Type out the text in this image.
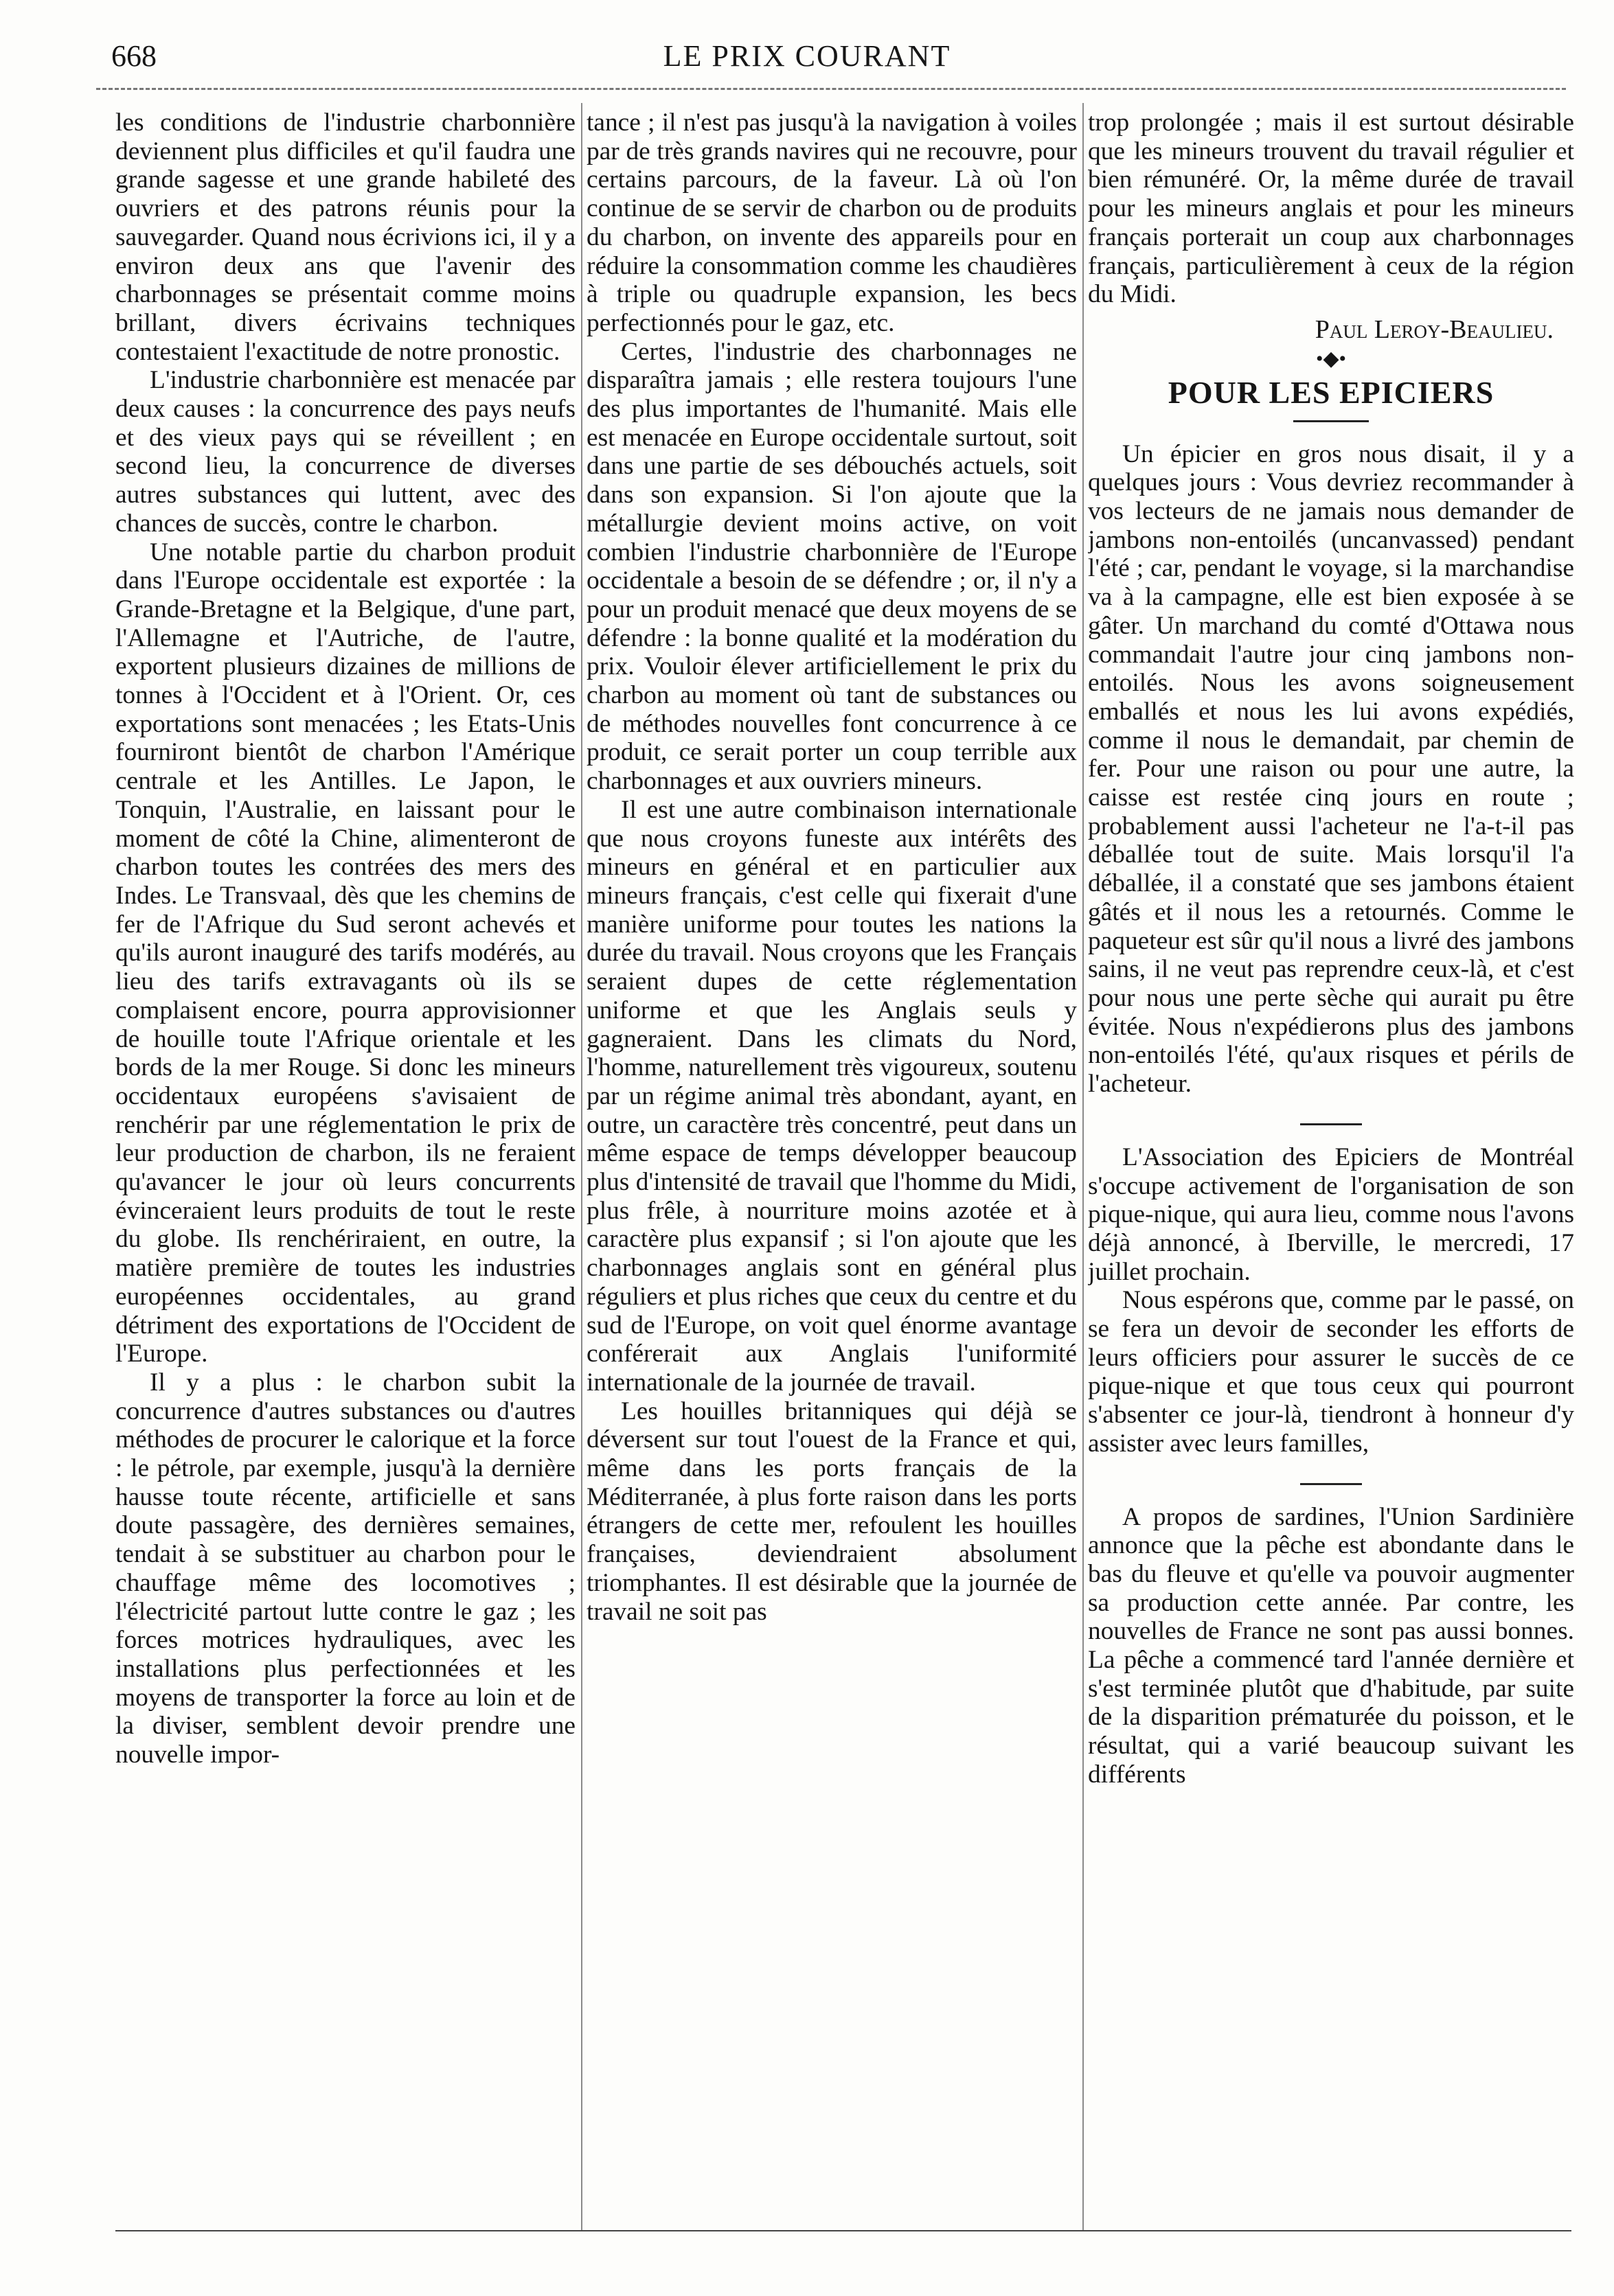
668	LE PRIX COURANT

les conditions de l'industrie charbonnière deviennent plus difficiles et qu'il faudra une grande sagesse et une grande habileté des ouvriers et des patrons réunis pour la sauvegarder. Quand nous écrivions ici, il y a environ deux ans que l'avenir des charbonnages se présentait comme moins brillant, divers écrivains techniques contestaient l'exactitude de notre pronostic.

L'industrie charbonnière est menacée par deux causes : la concurrence des pays neufs et des vieux pays qui se réveillent ; en second lieu, la concurrence de diverses autres substances qui luttent, avec des chances de succès, contre le charbon.

Une notable partie du charbon produit dans l'Europe occidentale est exportée : la Grande-Bretagne et la Belgique, d'une part, l'Allemagne et l'Autriche, de l'autre, exportent plusieurs dizaines de millions de tonnes à l'Occident et à l'Orient. Or, ces exportations sont menacées ; les Etats-Unis fourniront bientôt de charbon l'Amérique centrale et les Antilles. Le Japon, le Tonquin, l'Australie, en laissant pour le moment de côté la Chine, alimenteront de charbon toutes les contrées des mers des Indes. Le Transvaal, dès que les chemins de fer de l'Afrique du Sud seront achevés et qu'ils auront inauguré des tarifs modérés, au lieu des tarifs extravagants où ils se complaisent encore, pourra approvisionner de houille toute l'Afrique orientale et les bords de la mer Rouge. Si donc les mineurs occidentaux européens s'avisaient de renchérir par une réglementation le prix de leur production de charbon, ils ne feraient qu'avancer le jour où leurs concurrents évinceraient leurs produits de tout le reste du globe. Ils renchériraient, en outre, la matière première de toutes les industries européennes occidentales, au grand détriment des exportations de l'Occident de l'Europe.

Il y a plus : le charbon subit la concurrence d'autres substances ou d'autres méthodes de procurer le calorique et la force : le pétrole, par exemple, jusqu'à la dernière hausse toute récente, artificielle et sans doute passagère, des dernières semaines, tendait à se substituer au charbon pour le chauffage même des locomotives ; l'électricité partout lutte contre le gaz ; les forces motrices hydrauliques, avec les installations plus perfectionnées et les moyens de transporter la force au loin et de la diviser, semblent devoir prendre une nouvelle impor-

tance ; il n'est pas jusqu'à la navigation à voiles par de très grands navires qui ne recouvre, pour certains parcours, de la faveur. Là où l'on continue de se servir de charbon ou de produits du charbon, on invente des appareils pour en réduire la consommation comme les chaudières à triple ou quadruple expansion, les becs perfectionnés pour le gaz, etc.

Certes, l'industrie des charbonnages ne disparaîtra jamais ; elle restera toujours l'une des plus importantes de l'humanité. Mais elle est menacée en Europe occidentale surtout, soit dans une partie de ses débouchés actuels, soit dans son expansion. Si l'on ajoute que la métallurgie devient moins active, on voit combien l'industrie charbonnière de l'Europe occidentale a besoin de se défendre ; or, il n'y a pour un produit menacé que deux moyens de se défendre : la bonne qualité et la modération du prix. Vouloir élever artificiellement le prix du charbon au moment où tant de substances ou de méthodes nouvelles font concurrence à ce produit, ce serait porter un coup terrible aux charbonnages et aux ouvriers mineurs.

Il est une autre combinaison internationale que nous croyons funeste aux intérêts des mineurs en général et en particulier aux mineurs français, c'est celle qui fixerait d'une manière uniforme pour toutes les nations la durée du travail. Nous croyons que les Français seraient dupes de cette réglementation uniforme et que les Anglais seuls y gagneraient. Dans les climats du Nord, l'homme, naturellement très vigoureux, soutenu par un régime animal très abondant, ayant, en outre, un caractère très concentré, peut dans un même espace de temps développer beaucoup plus d'intensité de travail que l'homme du Midi, plus frêle, à nourriture moins azotée et à caractère plus expansif ; si l'on ajoute que les charbonnages anglais sont en général plus réguliers et plus riches que ceux du centre et du sud de l'Europe, on voit quel énorme avantage conférerait aux Anglais l'uniformité internationale de la journée de travail.

Les houilles britanniques qui déjà se déversent sur tout l'ouest de la France et qui, même dans les ports français de la Méditerranée, à plus forte raison dans les ports étrangers de cette mer, refoulent les houilles françaises, deviendraient absolument triomphantes. Il est désirable que la journée de travail ne soit pas

trop prolongée ; mais il est surtout désirable que les mineurs trouvent du travail régulier et bien rémunéré. Or, la même durée de travail pour les mineurs anglais et pour les mineurs français porterait un coup aux charbonnages français, particulièrement à ceux de la région du Midi.

Paul Leroy-Beaulieu.
•◆•
POUR LES EPICIERS

Un épicier en gros nous disait, il y a quelques jours : Vous devriez recommander à vos lecteurs de ne jamais nous demander de jambons non-entoilés (uncanvassed) pendant l'été ; car, pendant le voyage, si la marchandise va à la campagne, elle est bien exposée à se gâter. Un marchand du comté d'Ottawa nous commandait l'autre jour cinq jambons non-entoilés. Nous les avons soigneusement emballés et nous les lui avons expédiés, comme il nous le demandait, par chemin de fer. Pour une raison ou pour une autre, la caisse est restée cinq jours en route ; probablement aussi l'acheteur ne l'a-t-il pas déballée tout de suite. Mais lorsqu'il l'a déballée, il a constaté que ses jambons étaient gâtés et il nous les a retournés. Comme le paqueteur est sûr qu'il nous a livré des jambons sains, il ne veut pas reprendre ceux-là, et c'est pour nous une perte sèche qui aurait pu être évitée. Nous n'expédierons plus des jambons non-entoilés l'été, qu'aux risques et périls de l'acheteur.

L'Association des Epiciers de Montréal s'occupe activement de l'organisation de son pique-nique, qui aura lieu, comme nous l'avons déjà annoncé, à Iberville, le mercredi, 17 juillet prochain.

Nous espérons que, comme par le passé, on se fera un devoir de seconder les efforts de leurs officiers pour assurer le succès de ce pique-nique et que tous ceux qui pourront s'absenter ce jour-là, tiendront à honneur d'y assister avec leurs familles,

A propos de sardines, l'Union Sardinière annonce que la pêche est abondante dans le bas du fleuve et qu'elle va pouvoir augmenter sa production cette année. Par contre, les nouvelles de France ne sont pas aussi bonnes. La pêche a commencé tard l'année dernière et s'est terminée plutôt que d'habitude, par suite de la disparition prématurée du poisson, et le résultat, qui a varié beaucoup suivant les différents
